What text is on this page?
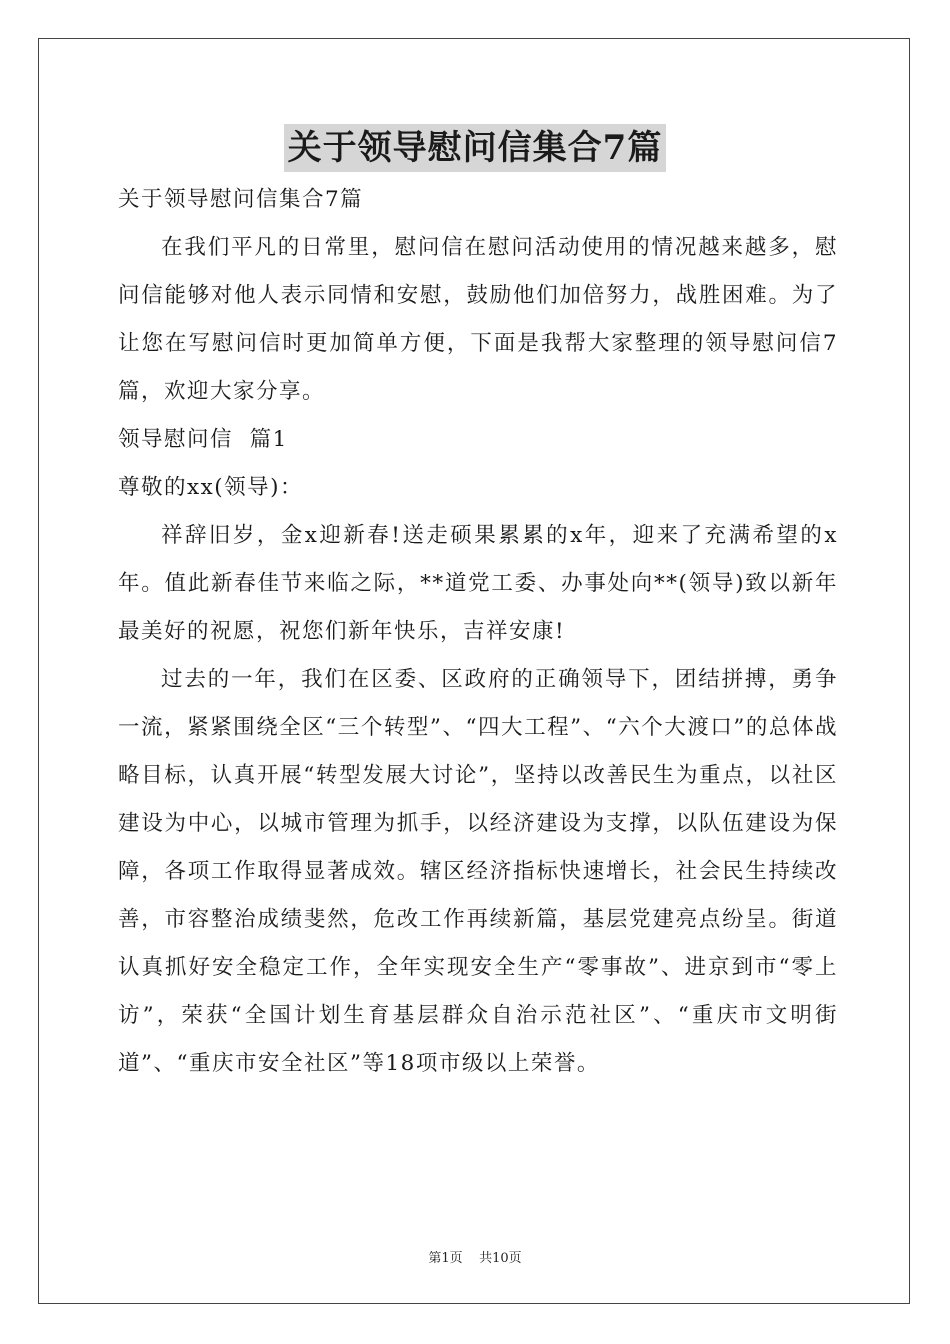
关于领导慰问信集合7篇

关于领导慰问信集合7篇

在我们平凡的日常里，慰问信在慰问活动使用的情况越来越多，慰问信能够对他人表示同情和安慰，鼓励他们加倍努力，战胜困难。为了让您在写慰问信时更加简单方便，下面是我帮大家整理的领导慰问信7篇，欢迎大家分享。

领导慰问信  篇1

尊敬的xx(领导)：

祥辞旧岁，金x迎新春!送走硕果累累的x年，迎来了充满希望的x年。值此新春佳节来临之际，**道党工委、办事处向**(领导)致以新年最美好的祝愿，祝您们新年快乐，吉祥安康!

过去的一年，我们在区委、区政府的正确领导下，团结拼搏，勇争一流，紧紧围绕全区“三个转型”、“四大工程”、“六个大渡口”的总体战略目标，认真开展“转型发展大讨论”，坚持以改善民生为重点，以社区建设为中心，以城市管理为抓手，以经济建设为支撑，以队伍建设为保障，各项工作取得显著成效。辖区经济指标快速增长，社会民生持续改善，市容整治成绩斐然，危改工作再续新篇，基层党建亮点纷呈。街道认真抓好安全稳定工作，全年实现安全生产“零事故”、进京到市“零上访”，荣获“全国计划生育基层群众自治示范社区”、“重庆市文明街道”、“重庆市安全社区”等18项市级以上荣誉。

第1页    共10页
